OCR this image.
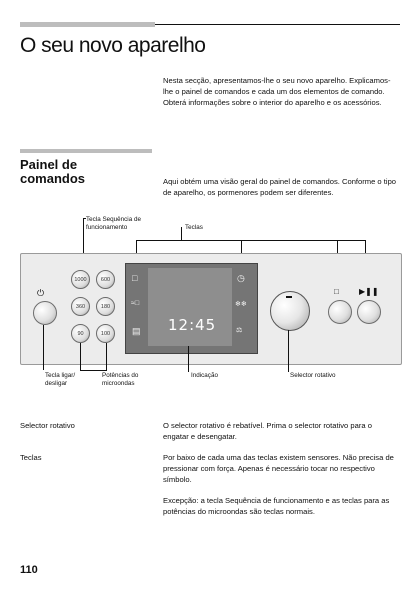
O seu novo aparelho
Nesta secção, apresentamos-lhe o seu novo aparelho. Explicamos-lhe o painel de comandos e cada um dos elementos de comando. Obterá informações sobre o interior do aparelho e os acessórios.
Painel de
comandos	Aqui obtém uma visão geral do painel de comandos. Conforme o tipo de aparelho, os pormenores podem ser diferentes.
Tecla Sequência de
funcionamento	Teclas
⏻
1000	600
360	180
90	100
□
≈□
▤
◷
❄❄
⚖
12:45
□	▶❚❚
Tecla ligar/
desligar
Potências do
microondas
Indicação	Selector rotativo
Selector rotativo	O selector rotativo é rebatível. Prima o selector rotativo para o engatar e desengatar.
Teclas	Por baixo de cada uma das teclas existem sensores. Não precisa de pressionar com força. Apenas é necessário tocar no respectivo símbolo.
Excepção: a tecla Sequência de funcionamento e as teclas para as potências do microondas são teclas normais.
110
